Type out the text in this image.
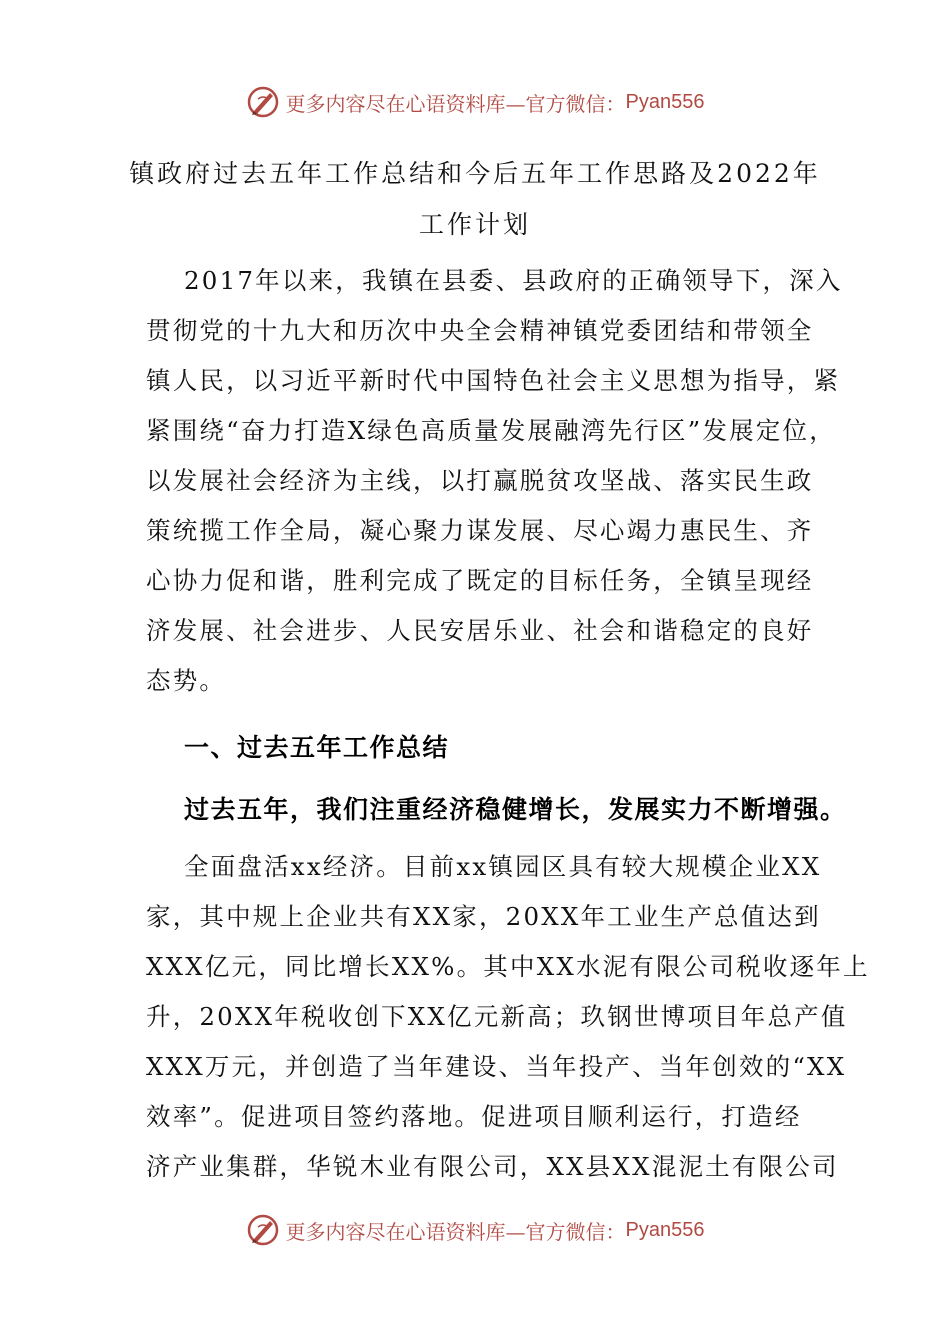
更多内容尽在心语资料库—官方微信： Pyan556
镇政府过去五年工作总结和今后五年工作思路及2022年
工作计划
2017年以来，我镇在县委、县政府的正确领导下，深入
贯彻党的十九大和历次中央全会精神镇党委团结和带领全
镇人民，以习近平新时代中国特色社会主义思想为指导，紧
紧围绕“奋力打造X绿色高质量发展融湾先行区”发展定位，
以发展社会经济为主线，以打赢脱贫攻坚战、落实民生政
策统揽工作全局，凝心聚力谋发展、尽心竭力惠民生、齐
心协力促和谐，胜利完成了既定的目标任务，全镇呈现经
济发展、社会进步、人民安居乐业、社会和谐稳定的良好
态势。
一、过去五年工作总结
过去五年，我们注重经济稳健增长，发展实力不断增强。
全面盘活xx经济。目前xx镇园区具有较大规模企业XX
家，其中规上企业共有XX家，20XX年工业生产总值达到
XXX亿元，同比增长XX%。其中XX水泥有限公司税收逐年上
升，20XX年税收创下XX亿元新高；玖钢世博项目年总产值
XXX万元，并创造了当年建设、当年投产、当年创效的“XX
效率”。促进项目签约落地。促进项目顺利运行，打造经
济产业集群，华锐木业有限公司，XX县XX混泥土有限公司
更多内容尽在心语资料库—官方微信： Pyan556
